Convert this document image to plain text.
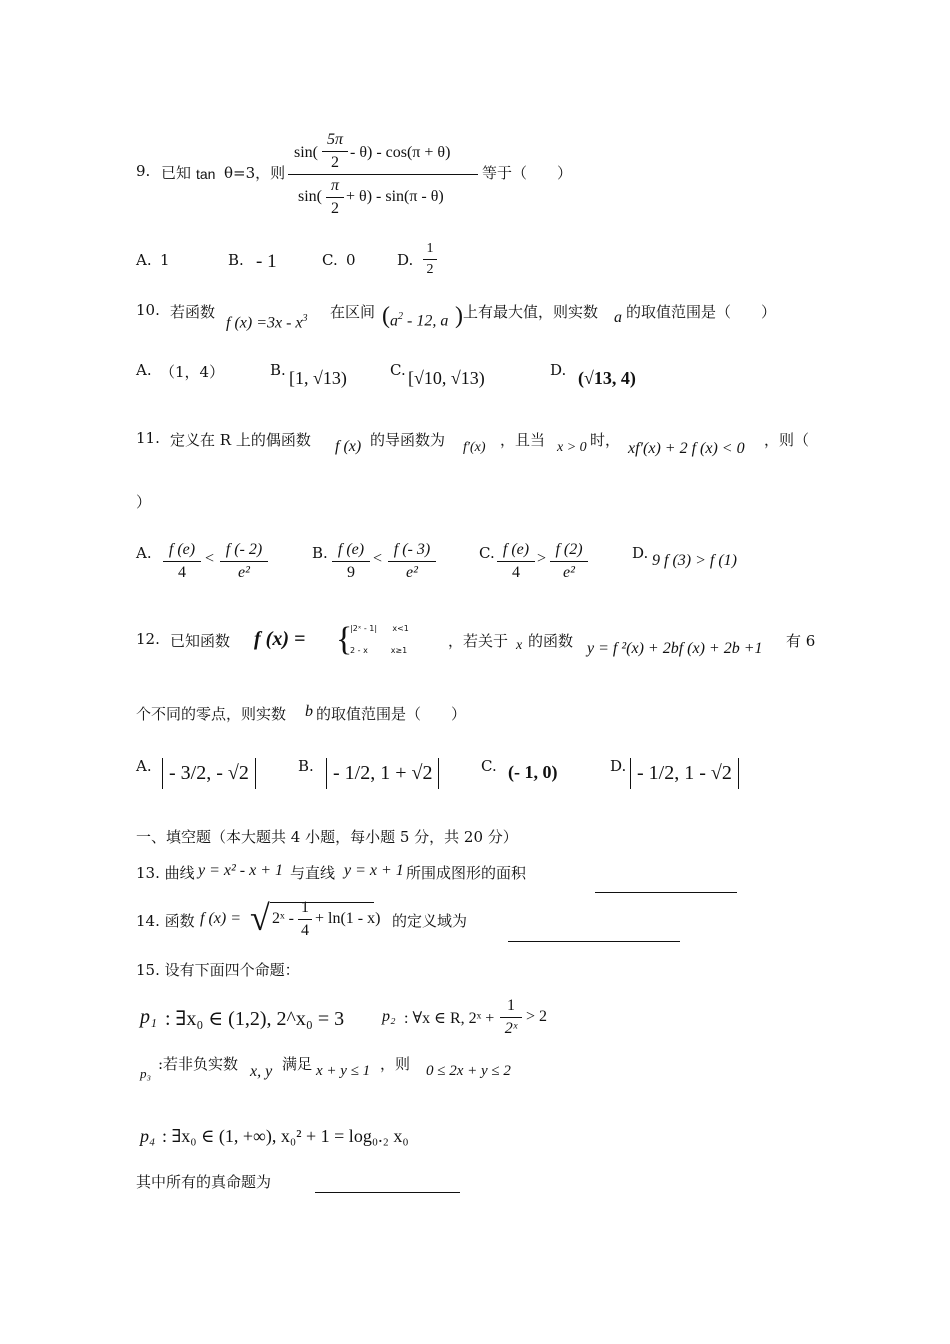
9. 已知 tan θ=3，则
sin(
5π
2
- θ) - cos(π + θ)
sin(
π
2
+ θ) - sin(π - θ)
等于（　　）
A. 1	B. - 1	C. 0	D.
1
2
10. 若函数
f $(x) =3x - x^3$ 在区间 ( $a^2 - 12$, a ) 上有最大值，则实数 a 的取值范围是（　　）
A. （1，4）	B. [1, √13)	C. [√10, √13)	D. (√13, 4)
11. 定义在 R 上的偶函数 f (x) 的导函数为 f′(x) ，且当 x > 0 时， xf′(x) + 2 f (x) < 0 ，则（
）
A.	f (e)
4
<
f (- 2)
e²
B. f (e)
9
<
f (- 3)
e²
C. f (e)
4
>
f (2)
e²
D. 9 f (3) > f (1)
12. 已知函数 f (x) = {
|2ˣ - 1| x<1
2 - x	x≥1
，若关于 x 的函数 y = f ²(x) + 2bf (x) + 2b +1 有 6
个不同的零点，则实数 b 的取值范围是（　　）
A. - 3/2, - √2	B. - 1/2, 1 + √2	C. (- 1, 0)	D. - 1/2, 1 - √2
一、填空题（本大题共 4 小题，每小题 5 分，共 20 分）
13. 曲线 y = x² - x + 1 与直线 y = x + 1 所围成图形的面积
14. 函数 f (x) = √ 2ˣ -
1
4
+ ln(1 - x) 的定义域为
15. 设有下面四个命题：
p₁ : ∃x₀ ∈ (1,2), 2^x₀ = 3 p₂ : ∀x ∈ R, 2ˣ +
1
2ˣ
> 2
p₃
:若非负实数 x, y 满足 x + y ≤ 1 ，则 0 ≤ 2x + y ≤ 2
p₄ : ∃x₀ ∈ (1, +∞), x₀² + 1 = log₀.₂ x₀
其中所有的真命题为
